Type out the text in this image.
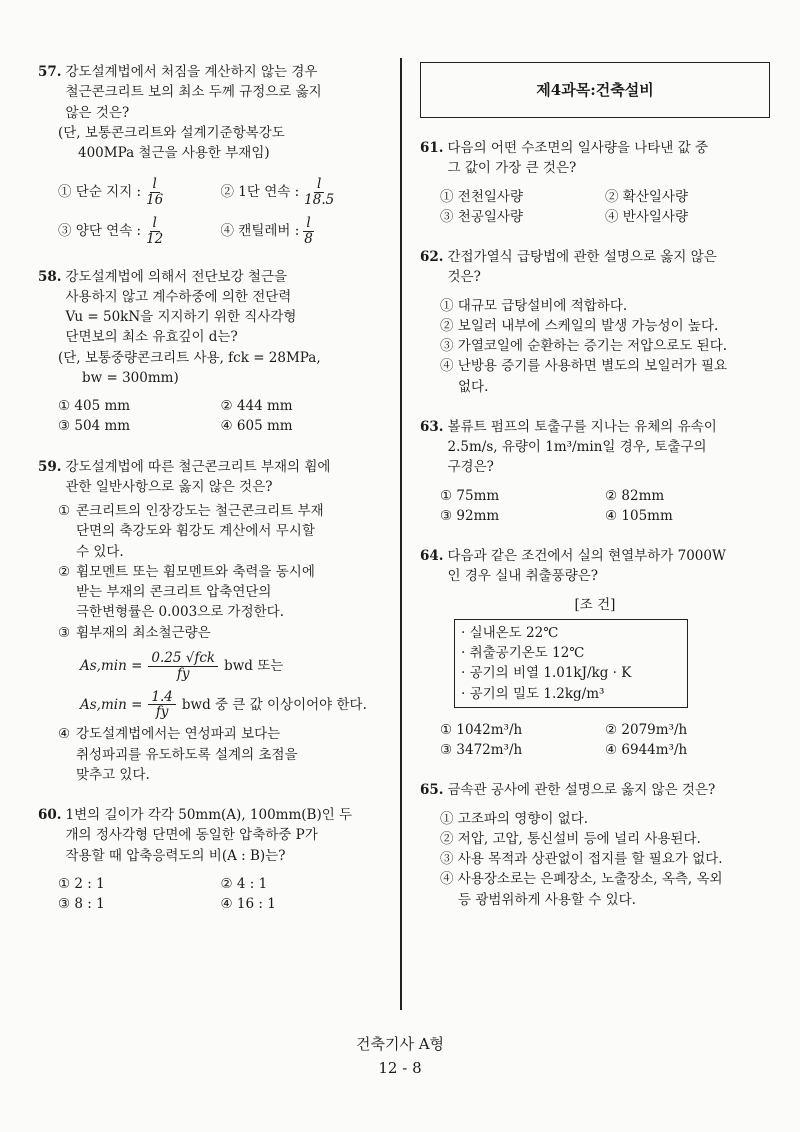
57. 강도설계법에서 처짐을 계산하지 않는 경우
철근콘크리트 보의 최소 두께 규정으로 옳지
않은 것은?
(단, 보통콘크리트와 설계기준항복강도
400MPa 철근을 사용한 부재임)
① 단순 지지 : $\frac{l}{16}$	② 1단 연속 : $\frac{l}{18.5}$
③ 양단 연속 : $\frac{l}{12}$	④ 캔틸레버 : $\frac{l}{8}$
58. 강도설계법에 의해서 전단보강 철근을
사용하지 않고 계수하중에 의한 전단력
Vu = 50kN을 지지하기 위한 직사각형
단면보의 최소 유효깊이 d는?
(단, 보통중량콘크리트 사용, fck = 28MPa,
bw = 300mm)
① 405 mm	② 444 mm
③ 504 mm	④ 605 mm
59. 강도설계법에 따른 철근콘크리트 부재의 휨에
관한 일반사항으로 옳지 않은 것은?
① 콘크리트의 인장강도는 철근콘크리트 부재
단면의 축강도와 휨강도 계산에서 무시할
수 있다.
② 휨모멘트 또는 휨모멘트와 축력을 동시에
받는 부재의 콘크리트 압축연단의
극한변형률은 0.003으로 가정한다.
③ 휨부재의 최소철근량은
$As,\min = \frac{\text{0.25 √fck}}{fy}$ bwd 또는
$As,\min = \frac{1.4}{fy}$ bwd 중 큰 값 이상이어야 한다.
④ 강도설계법에서는 연성파괴 보다는
취성파괴를 유도하도록 설계의 초점을
맞추고 있다.
60. 1변의 길이가 각각 50mm(A), 100mm(B)인 두
개의 정사각형 단면에 동일한 압축하중 P가
작용할 때 압축응력도의 비(A : B)는?
① 2 : 1	② 4 : 1
③ 8 : 1	④ 16 : 1
제4과목:건축설비
61. 다음의 어떤 수조면의 일사량을 나타낸 값 중
그 값이 가장 큰 것은?
① 전천일사량	② 확산일사량
③ 천공일사량	④ 반사일사량
62. 간접가열식 급탕법에 관한 설명으로 옳지 않은
것은?
① 대규모 급탕설비에 적합하다.
② 보일러 내부에 스케일의 발생 가능성이 높다.
③ 가열코일에 순환하는 증기는 저압으로도 된다.
④ 난방용 증기를 사용하면 별도의 보일러가 필요
없다.
63. 볼류트 펌프의 토출구를 지나는 유체의 유속이
2.5m/s, 유량이 1m³/min일 경우, 토출구의
구경은?
① 75mm	② 82mm
③ 92mm	④ 105mm
64. 다음과 같은 조건에서 실의 현열부하가 7000W
인 경우 실내 취출풍량은?
[조 건]
· 실내온도 22℃
· 취출공기온도 12℃
· 공기의 비열 1.01kJ/kg · K
· 공기의 밀도 1.2kg/m³
① 1042m³/h	② 2079m³/h
③ 3472m³/h	④ 6944m³/h
65. 금속관 공사에 관한 설명으로 옳지 않은 것은?
① 고조파의 영향이 없다.
② 저압, 고압, 통신설비 등에 널리 사용된다.
③ 사용 목적과 상관없이 접지를 할 필요가 없다.
④ 사용장소로는 은폐장소, 노출장소, 옥측, 옥외
등 광범위하게 사용할 수 있다.
건축기사 A형
12 - 8
